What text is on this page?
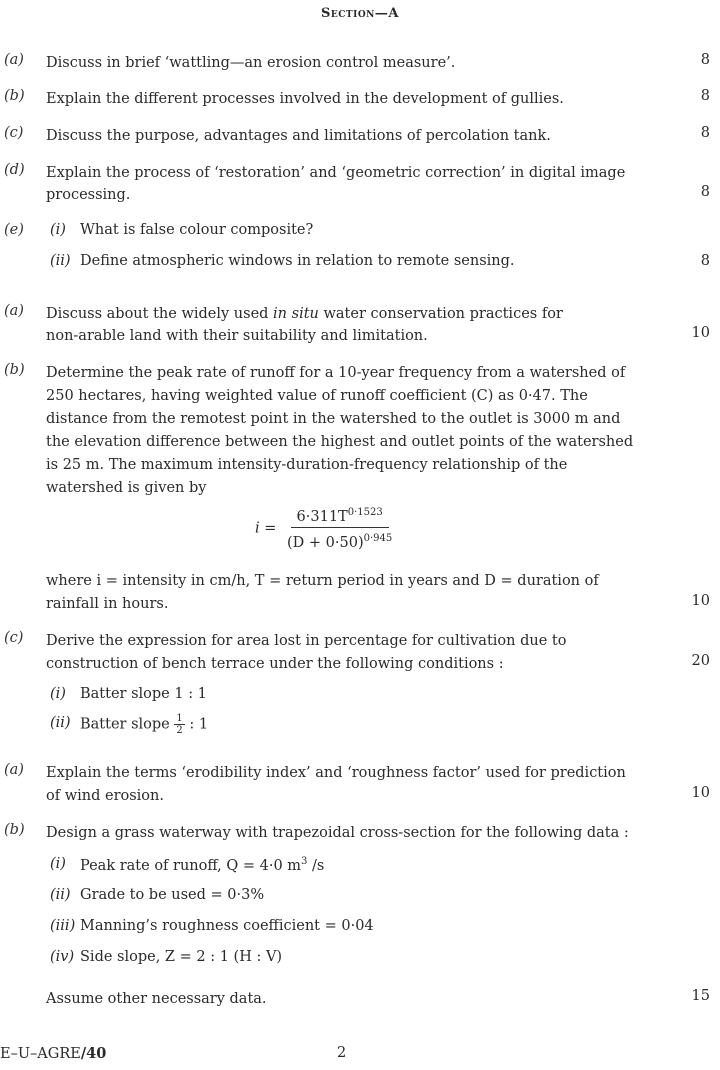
Section—A
(a) Discuss in brief ‘wattling—an erosion control measure’.	8
(b) Explain the different processes involved in the development of gullies.	8
(c) Discuss the purpose, advantages and limitations of percolation tank.	8
(d) Explain the process of ‘restoration’ and ‘geometric correction’ in digital image
processing.	8
(e) (i) What is false colour composite?
(ii) Define atmospheric windows in relation to remote sensing.	8
(a) Discuss about the widely used in situ water conservation practices for
non-arable land with their suitability and limitation.	10
(b) Determine the peak rate of runoff for a 10-year frequency from a watershed of
250 hectares, having weighted value of runoff coefficient (C) as 0·47. The
distance from the remotest point in the watershed to the outlet is 3000 m and
the elevation difference between the highest and outlet points of the watershed
is 25 m. The maximum intensity-duration-frequency relationship of the
watershed is given by
$i = \frac{6\cdot 311T^{0\cdot 1523}}{(D + 0\cdot 50)^{0\cdot 945}}$
where i = intensity in cm/h, T = return period in years and D = duration of
rainfall in hours.	10
(c) Derive the expression for area lost in percentage for cultivation due to
construction of bench terrace under the following conditions :	20
(i) Batter slope 1 : 1
(ii) Batter slope $\frac{1}{2}$ : 1
(a) Explain the terms ‘erodibility index’ and ‘roughness factor’ used for prediction
of wind erosion.	10
(b) Design a grass waterway with trapezoidal cross-section for the following data :
(i) Peak rate of runoff, Q = 4·0 $m^3$ /s
(ii) Grade to be used = 0·3%
(iii) Manning’s roughness coefficient = 0·04
(iv) Side slope, Z = 2 : 1 (H : V)
Assume other necessary data.	15
E–U–AGRE/40	2
